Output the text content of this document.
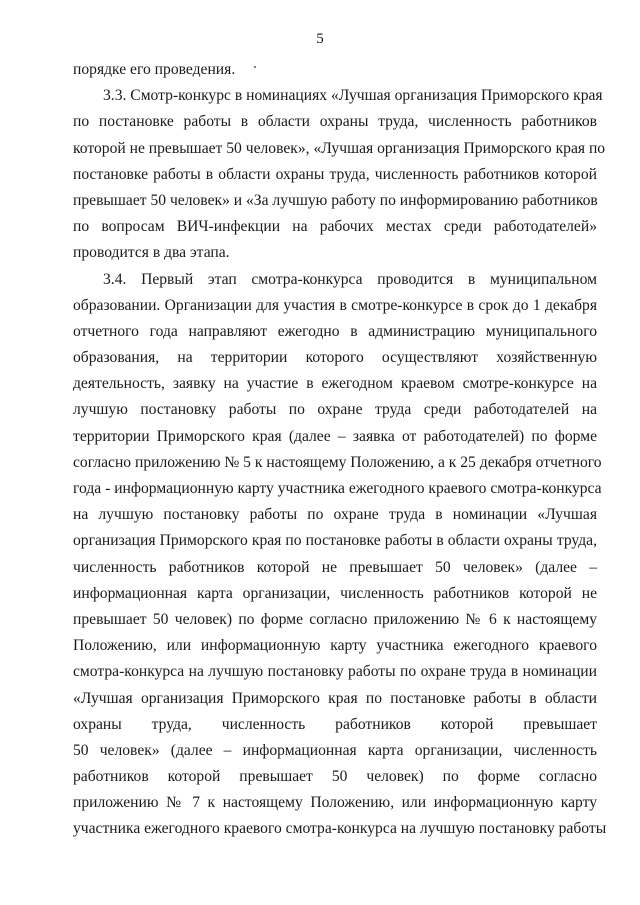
5
порядке его проведения.
3.3. Смотр-конкурс в номинациях «Лучшая организация Приморского края
по постановке работы в области охраны труда, численность работников
которой не превышает 50 человек», «Лучшая организация Приморского края по
постановке работы в области охраны труда, численность работников которой
превышает 50 человек» и «За лучшую работу по информированию работников
по вопросам ВИЧ-инфекции на рабочих местах среди работодателей»
проводится в два этапа.
3.4. Первый этап смотра-конкурса проводится в муниципальном
образовании. Организации для участия в смотре-конкурсе в срок до 1 декабря
отчетного года направляют ежегодно в администрацию муниципального
образования, на территории которого осуществляют хозяйственную
деятельность, заявку на участие в ежегодном краевом смотре-конкурсе на
лучшую постановку работы по охране труда среди работодателей на
территории Приморского края (далее – заявка от работодателей) по форме
согласно приложению № 5 к настоящему Положению, а к 25 декабря отчетного
года - информационную карту участника ежегодного краевого смотра-конкурса
на лучшую постановку работы по охране труда в номинации «Лучшая
организация Приморского края по постановке работы в области охраны труда,
численность работников которой не превышает 50 человек» (далее –
информационная карта организации, численность работников которой не
превышает 50 человек) по форме согласно приложению № 6 к настоящему
Положению, или информационную карту участника ежегодного краевого
смотра-конкурса на лучшую постановку работы по охране труда в номинации
«Лучшая организация Приморского края по постановке работы в области
охраны труда, численность работников которой превышает
50 человек» (далее – информационная карта организации, численность
работников которой превышает 50 человек) по форме согласно
приложению № 7 к настоящему Положению, или информационную карту
участника ежегодного краевого смотра-конкурса на лучшую постановку работы
